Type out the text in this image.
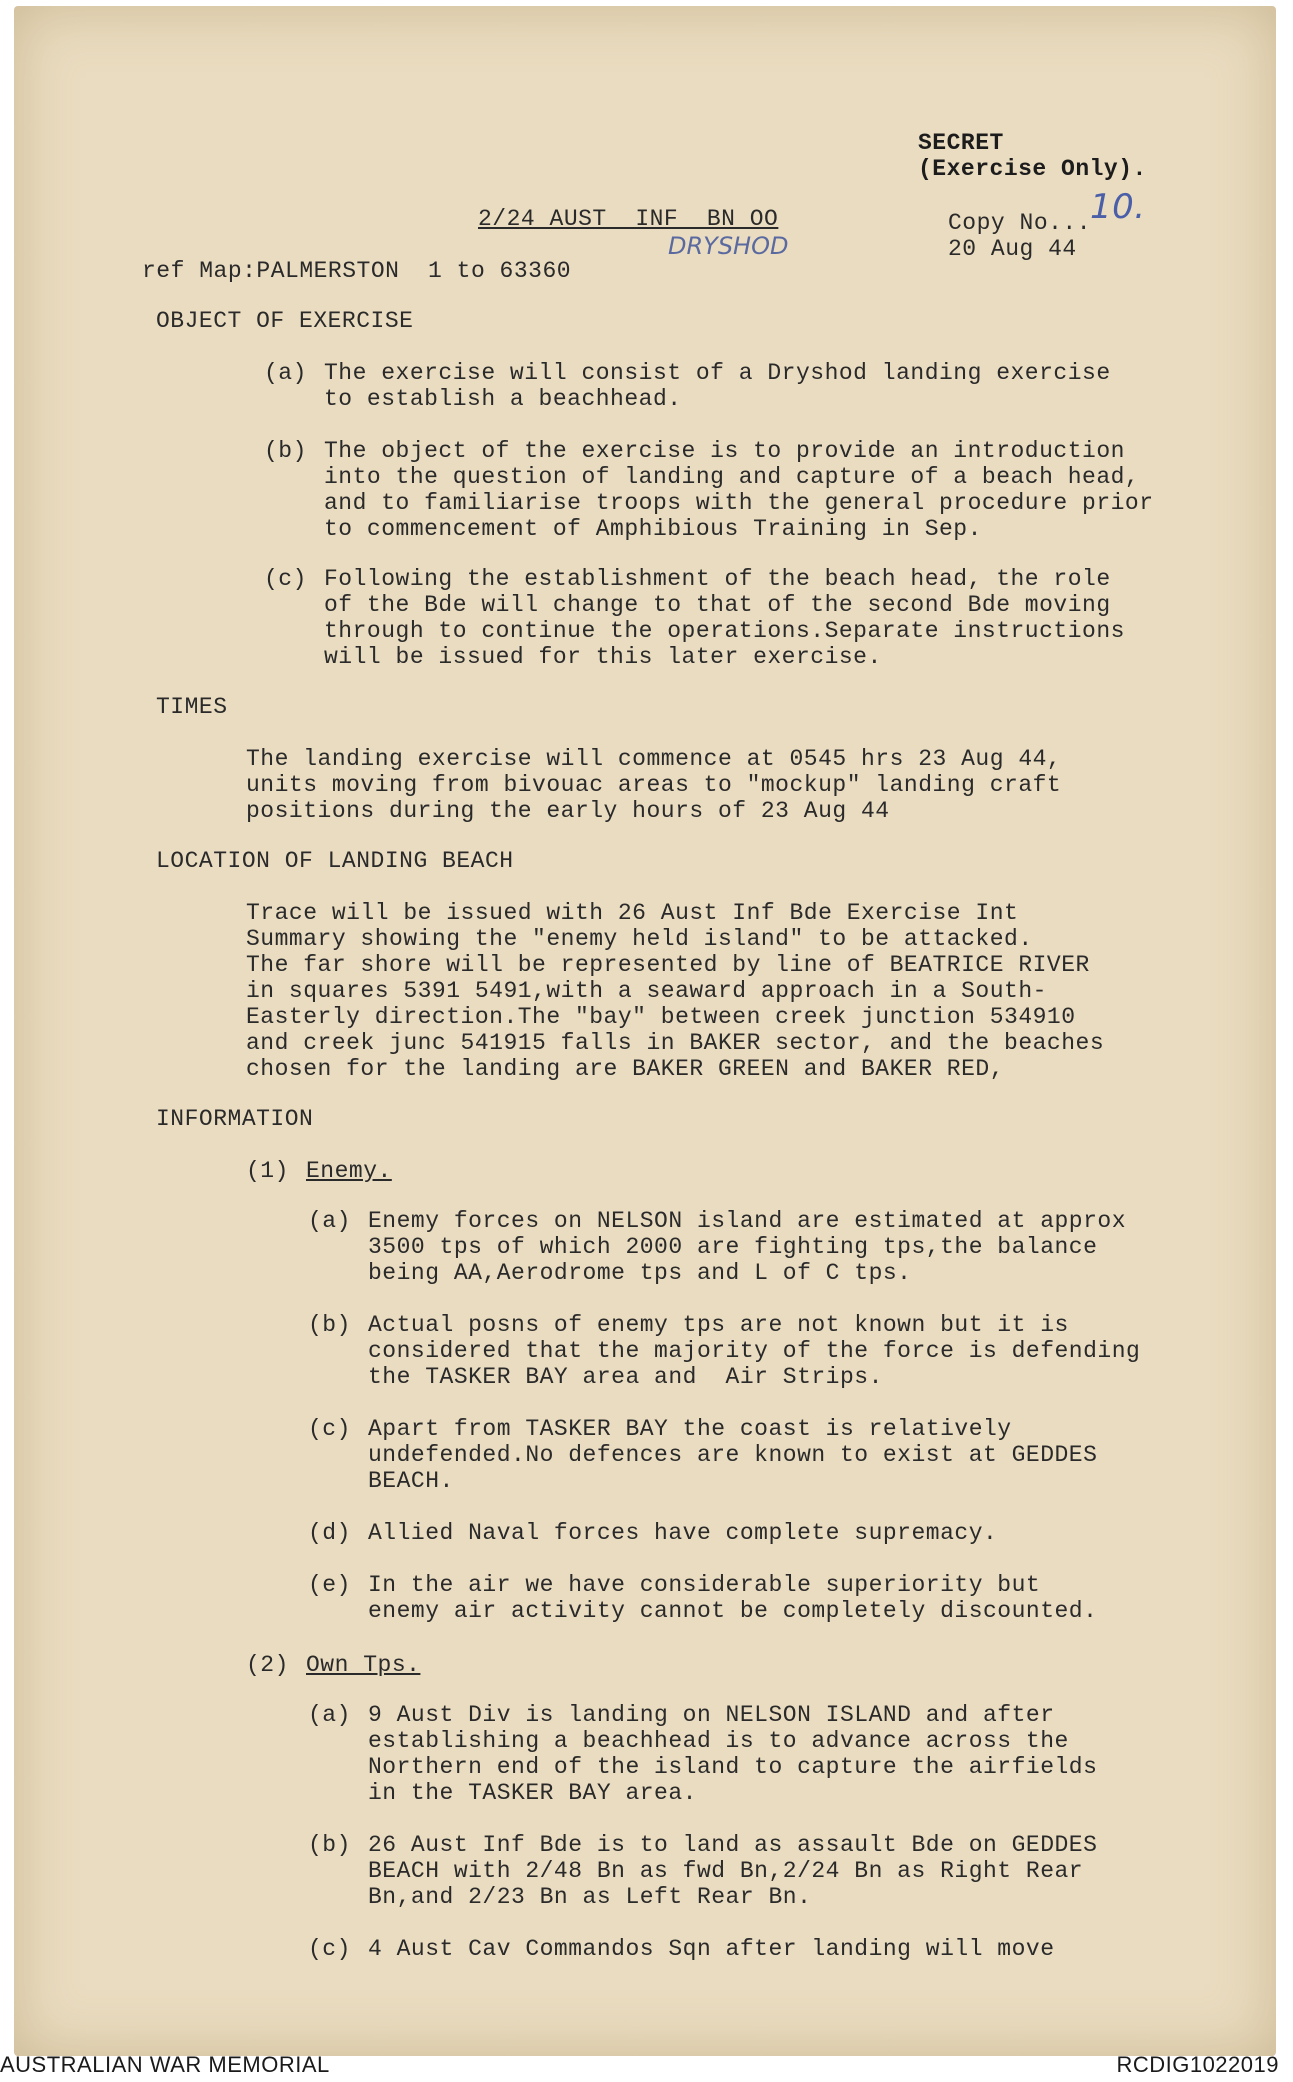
SECRET
(Exercise Only).
2/24 AUST  INF  BN OO
DRYSHOD
Copy No...
10.
20 Aug 44
ref Map:PALMERSTON  1 to 63360
OBJECT OF EXERCISE
(a) The exercise will consist of a Dryshod landing exercise
to establish a beachhead.
(b) The object of the exercise is to provide an introduction
into the question of landing and capture of a beach head,
and to familiarise troops with the general procedure prior
to commencement of Amphibious Training in Sep.
(c) Following the establishment of the beach head, the role
of the Bde will change to that of the second Bde moving
through to continue the operations.Separate instructions
will be issued for this later exercise.
TIMES
The landing exercise will commence at 0545 hrs 23 Aug 44,
units moving from bivouac areas to "mockup" landing craft
positions during the early hours of 23 Aug 44
LOCATION OF LANDING BEACH
Trace will be issued with 26 Aust Inf Bde Exercise Int
Summary showing the "enemy held island" to be attacked.
The far shore will be represented by line of BEATRICE RIVER
in squares 5391 5491,with a seaward approach in a South-
Easterly direction.The "bay" between creek junction 534910
and creek junc 541915 falls in BAKER sector, and the beaches
chosen for the landing are BAKER GREEN and BAKER RED,
INFORMATION
(1) Enemy.
(a) Enemy forces on NELSON island are estimated at approx
3500 tps of which 2000 are fighting tps,the balance
being AA,Aerodrome tps and L of C tps.
(b) Actual posns of enemy tps are not known but it is
considered that the majority of the force is defending
the TASKER BAY area and  Air Strips.
(c) Apart from TASKER BAY the coast is relatively
undefended.No defences are known to exist at GEDDES
BEACH.
(d) Allied Naval forces have complete supremacy.
(e) In the air we have considerable superiority but
enemy air activity cannot be completely discounted.
(2) Own Tps.
(a) 9 Aust Div is landing on NELSON ISLAND and after
establishing a beachhead is to advance across the
Northern end of the island to capture the airfields
in the TASKER BAY area.
(b) 26 Aust Inf Bde is to land as assault Bde on GEDDES
BEACH with 2/48 Bn as fwd Bn,2/24 Bn as Right Rear
Bn,and 2/23 Bn as Left Rear Bn.
(c) 4 Aust Cav Commandos Sqn after landing will move
AUSTRALIAN WAR MEMORIAL	RCDIG1022019
